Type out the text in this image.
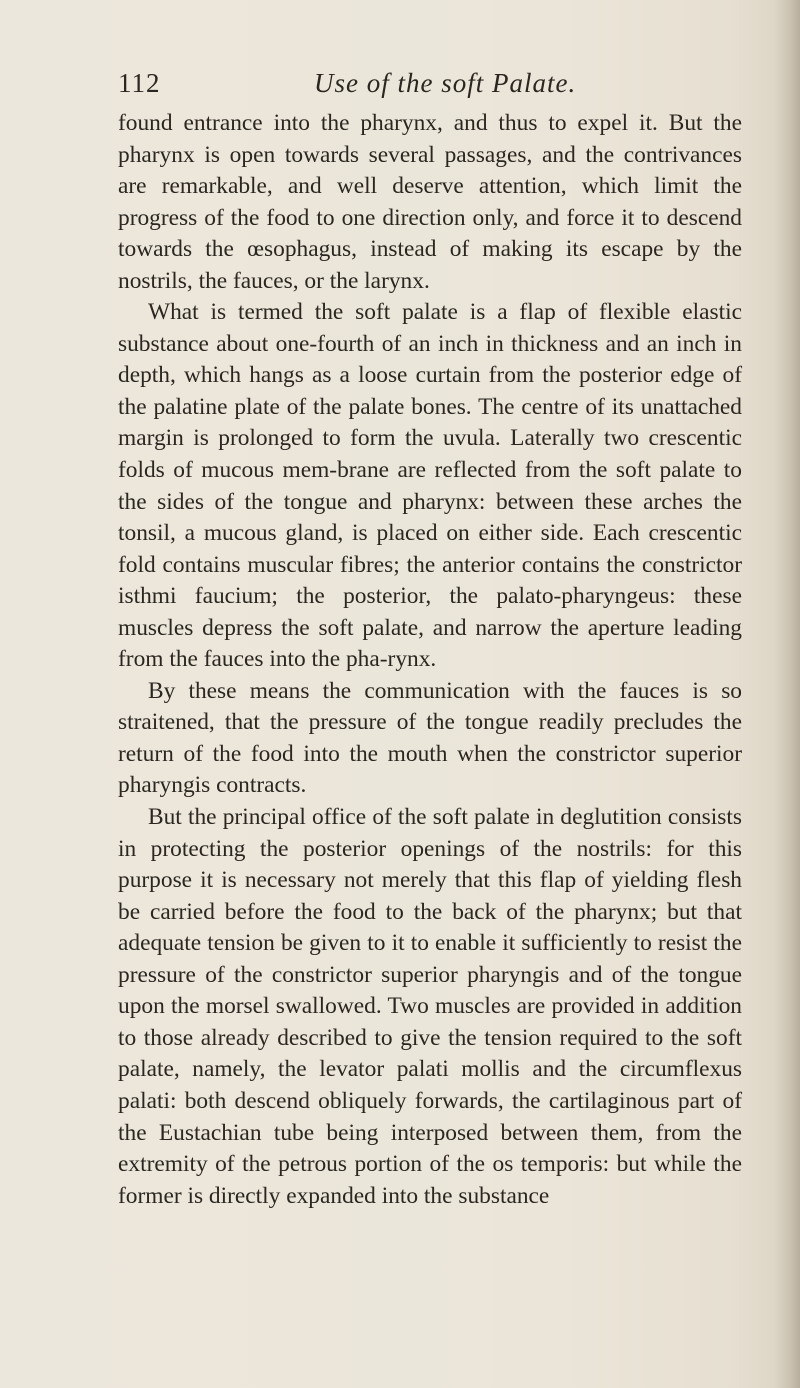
112	Use of the soft Palate.

found entrance into the pharynx, and thus to expel it. But the pharynx is open towards several passages, and the contrivances are remarkable, and well deserve attention, which limit the progress of the food to one direction only, and force it to descend towards the œsophagus, instead of making its escape by the nostrils, the fauces, or the larynx.

What is termed the soft palate is a flap of flexible elastic substance about one-fourth of an inch in thickness and an inch in depth, which hangs as a loose curtain from the posterior edge of the palatine plate of the palate bones. The centre of its unattached margin is prolonged to form the uvula. Laterally two crescentic folds of mucous mem-brane are reflected from the soft palate to the sides of the tongue and pharynx: between these arches the tonsil, a mucous gland, is placed on either side. Each crescentic fold contains muscular fibres; the anterior contains the constrictor isthmi faucium; the posterior, the palato-pharyngeus: these muscles depress the soft palate, and narrow the aperture leading from the fauces into the pha-rynx.

By these means the communication with the fauces is so straitened, that the pressure of the tongue readily precludes the return of the food into the mouth when the constrictor superior pharyngis contracts.

But the principal office of the soft palate in deglutition consists in protecting the posterior openings of the nostrils: for this purpose it is necessary not merely that this flap of yielding flesh be carried before the food to the back of the pharynx; but that adequate tension be given to it to enable it sufficiently to resist the pressure of the constrictor superior pharyngis and of the tongue upon the morsel swallowed. Two muscles are provided in addition to those already described to give the tension required to the soft palate, namely, the levator palati mollis and the circumflexus palati: both descend obliquely forwards, the cartilaginous part of the Eustachian tube being interposed between them, from the extremity of the petrous portion of the os temporis: but while the former is directly expanded into the substance
